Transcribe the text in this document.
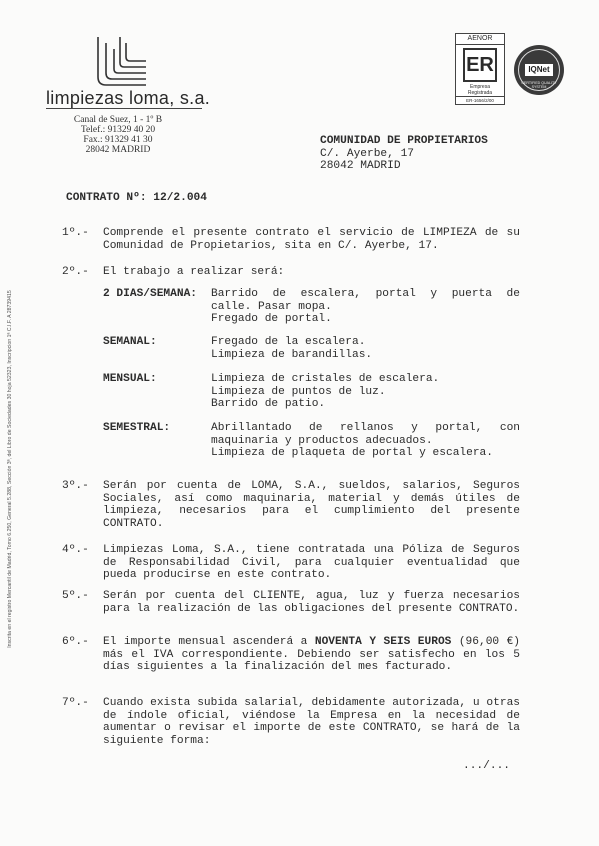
Inscrita en el registro Mercantil de Madrid, Tomo 6.250, General 5.288, Sección 3ª, del Libro de Sociedades 30 hoja 52323, Inscripcion 1ª C.I.F. A 28739415
limpiezas loma, s.a.
Canal de Suez, 1 - 1º B
Telef.: 91329 40 20
Fax.: 91329 41 30
28042 MADRID
AENOR
ER
Empresa
Registrada
ER-1656/2/00
IQNet
CERTIFIED QUALITY SYSTEM
COMUNIDAD DE PROPIETARIOS
C/. Ayerbe, 17
28042 MADRID
CONTRATO Nº: 12/2.004
1º.- Comprende el presente contrato el servicio de LIMPIEZA de su Comunidad de Propietarios, sita en C/. Ayerbe, 17.
2º.- El trabajo a realizar será:
2 DIAS/SEMANA: Barrido de escalera, portal y puerta de
calle. Pasar mopa.
Fregado de portal.
SEMANAL:	Fregado de la escalera.
Limpieza de barandillas.
MENSUAL:	Limpieza de cristales de escalera.
Limpieza de puntos de luz.
Barrido de patio.
SEMESTRAL:	Abrillantado de rellanos y portal, con
maquinaria y productos adecuados.
Limpieza de plaqueta de portal y escalera.
3º.- Serán por cuenta de LOMA, S.A., sueldos, salarios, Seguros Sociales, así como maquinaria, material y demás útiles de limpieza, necesarios para el cumplimiento del presente CONTRATO.
4º.- Limpiezas Loma, S.A., tiene contratada una Póliza de Seguros de Responsabilidad Civil, para cualquier eventualidad que pueda producirse en este contrato.
5º.- Serán por cuenta del CLIENTE, agua, luz y fuerza necesarios para la realización de las obligaciones del presente CONTRATO.
6º.- El importe mensual ascenderá a NOVENTA Y SEIS EUROS (96,00 €) más el IVA correspondiente. Debiendo ser satisfecho en los 5 días siguientes a la finalización del mes facturado.
7º.- Cuando exista subida salarial, debidamente autorizada, u otras de índole oficial, viéndose la Empresa en la necesidad de aumentar o revisar el importe de este CONTRATO, se hará de la siguiente forma:
.../...
